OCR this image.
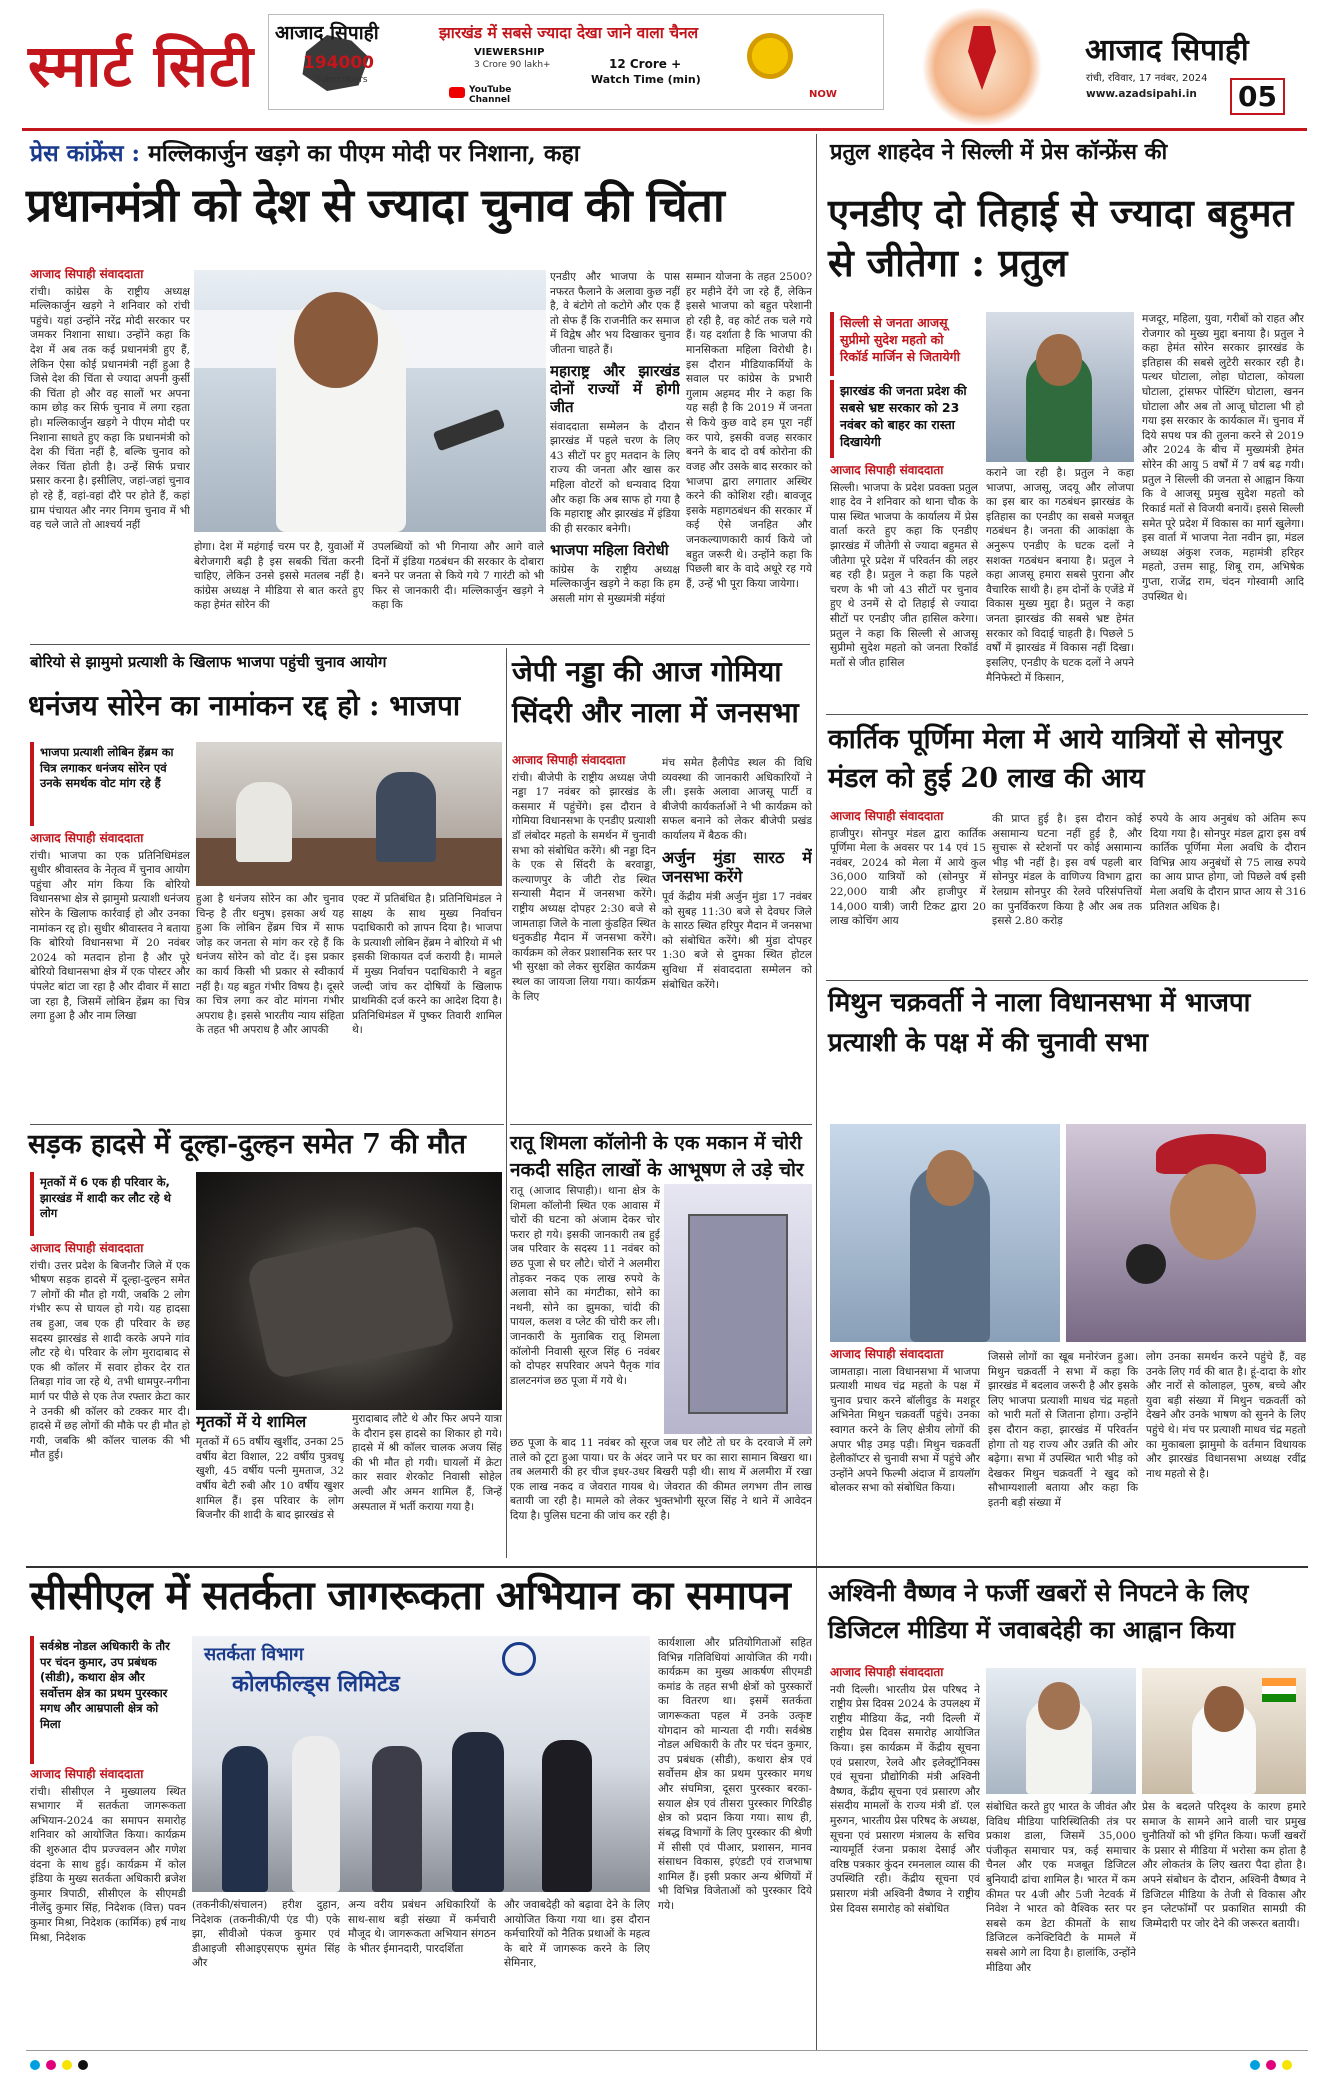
स्मार्ट सिटी आजाद सिपाही
194000
Subscribers
झारखंड में सबसे ज्यादा देखा जाने वाला चैनल
VIEWERSHIP
3 Crore 90 lakh+
YouTube Channel
12 Crore +
Watch Time (min)
NOW
आजाद सिपाही
रांची, रविवार, 17 नवंबर, 2024
www.azadsipahi.in 05
प्रेस कांफ्रेंस : मल्लिकार्जुन खड़गे का पीएम मोदी पर निशाना, कहा
प्रधानमंत्री को देश से ज्यादा चुनाव की चिंता
आजाद सिपाही संवाददाता
रांची। कांग्रेस के राष्ट्रीय अध्यक्ष मल्लिकार्जुन खड़गे ने शनिवार को रांची पहुंचे। यहां उन्होंने नरेंद्र मोदी सरकार पर जमकर निशाना साधा। उन्होंने कहा कि देश में अब तक कई प्रधानमंत्री हुए हैं, लेकिन ऐसा कोई प्रधानमंत्री नहीं हुआ है जिसे देश की चिंता से ज्यादा अपनी कुर्सी की चिंता हो और वह सालों भर अपना काम छोड़ कर सिर्फ चुनाव में लगा रहता हो। मल्लिकार्जुन खड़गे ने पीएम मोदी पर निशाना साधते हुए कहा कि प्रधानमंत्री को देश की चिंता नहीं है, बल्कि चुनाव को लेकर चिंता होती है। उन्हें सिर्फ प्रचार प्रसार करना है। इसीलिए, जहां-जहां चुनाव हो रहे हैं, वहां-वहां दौरे पर होते हैं, कहां ग्राम पंचायत और नगर निगम चुनाव में भी वह चले जाते तो आश्चर्य नहीं
होगा। देश में महंगाई चरम पर है, युवाओं में बेरोजगारी बढ़ी है इस सबकी चिंता करनी चाहिए, लेकिन उनसे इससे मतलब नहीं है। कांग्रेस अध्यक्ष ने मीडिया से बात करते हुए कहा हेमंत सोरेन की
उपलब्धियों को भी गिनाया और आगे वाले दिनों में इंडिया गठबंधन की सरकार के दोबारा बनने पर जनता से किये गये 7 गारंटी को भी फिर से जानकारी दी। मल्लिकार्जुन खड़गे ने कहा कि
एनडीए और भाजपा के पास नफरत फैलाने के अलावा कुछ नहीं है, वे बंटोगे तो कटोगे और एक हैं तो सेफ हैं कि राजनीति कर समाज में विद्वेष और भय दिखाकर चुनाव जीतना चाहते हैं।
महाराष्ट्र और झारखंड दोनों राज्यों में होगी जीत
संवाददाता सम्मेलन के दौरान झारखंड में पहले चरण के लिए 43 सीटों पर हुए मतदान के लिए राज्य की जनता और खास कर महिला वोटरों को धन्यवाद दिया और कहा कि अब साफ हो गया है कि महाराष्ट्र और झारखंड में इंडिया की ही सरकार बनेगी।
भाजपा महिला विरोधी
कांग्रेस के राष्ट्रीय अध्यक्ष मल्लिकार्जुन खड़गे ने कहा कि हम असली मांग से मुख्यमंत्री मंईयां
सम्मान योजना के तहत 2500? हर महीने देंगे जा रहे हैं, लेकिन इससे भाजपा को बहुत परेशानी हो रही है, वह कोर्ट तक चले गये हैं। यह दर्शाता है कि भाजपा की मानसिकता महिला विरोधी है। इस दौरान मीडियाकर्मियों के सवाल पर कांग्रेस के प्रभारी गुलाम अहमद मीर ने कहा कि यह सही है कि 2019 में जनता से किये कुछ वादे हम पूरा नहीं कर पाये, इसकी वजह सरकार बनने के बाद दो वर्ष कोरोना की वजह और उसके बाद सरकार को भाजपा द्वारा लगातार अस्थिर करने की कोशिश रही। बावजूद इसके महागठबंधन की सरकार में कई ऐसे जनहित और जनकल्याणकारी कार्य किये जो बहुत जरूरी थे। उन्होंने कहा कि पिछली बार के वादे अधूरे रह गये हैं, उन्हें भी पूरा किया जायेगा।
प्रतुल शाहदेव ने सिल्ली में प्रेस कॉन्फ्रेंस की
एनडीए दो तिहाई से ज्यादा बहुमत से जीतेगा : प्रतुल

सिल्ली से जनता आजसू सुप्रीमो सुदेश महतो को रिकॉर्ड मार्जिन से जितायेगी

झारखंड की जनता प्रदेश की सबसे भ्रष्ट सरकार को 23 नवंबर को बाहर का रास्ता दिखायेगी

आजाद सिपाही संवाददाता
सिल्ली। भाजपा के प्रदेश प्रवक्ता प्रतुल शाह देव ने शनिवार को थाना चौक के पास स्थित भाजपा के कार्यालय में प्रेस वार्ता करते हुए कहा कि एनडीए झारखंड में जीतेगी से ज्यादा बहुमत से जीतेगा पूरे प्रदेश में परिवर्तन की लहर बह रही है। प्रतुल ने कहा कि पहले चरण के भी जो 43 सीटों पर चुनाव हुए थे उनमें से दो तिहाई से ज्यादा सीटों पर एनडीए जीत हासिल करेगा। प्रतुल ने कहा कि सिल्ली से आजसू सुप्रीमो सुदेश महतो को जनता रिकॉर्ड मतों से जीत हासिल
कराने जा रही है। प्रतुल ने कहा भाजपा, आजसू, जदयू और लोजपा का इस बार का गठबंधन झारखंड के इतिहास का एनडीए का सबसे मजबूत गठबंधन है। जनता की आकांक्षा के अनुरूप एनडीए के घटक दलों ने सशक्त गठबंधन बनाया है। प्रतुल ने कहा आजसू हमारा सबसे पुराना और वैचारिक साथी है। हम दोनों के एजेंडे में विकास मुख्य मुद्दा है। प्रतुल ने कहा जनता झारखंड की सबसे भ्रष्ट हेमंत सरकार को विदाई चाहती है। पिछले 5 वर्षों में झारखंड में विकास नहीं दिखा। इसलिए, एनडीए के घटक दलों ने अपने मैनिफेस्टो में किसान,
मजदूर, महिला, युवा, गरीबों को राहत और रोजगार को मुख्य मुद्दा बनाया है। प्रतुल ने कहा हेमंत सोरेन सरकार झारखंड के इतिहास की सबसे लुटेरी सरकार रही है। पत्थर घोटाला, लोहा घोटाला, कोयला घोटाला, ट्रांसफर पोस्टिंग घोटाला, खनन घोटाला और अब तो आजू घोटाला भी हो गया इस सरकार के कार्यकाल में। चुनाव में दिये सपथ पत्र की तुलना करने से 2019 और 2024 के बीच में मुख्यमंत्री हेमंत सोरेन की आयु 5 वर्षों में 7 वर्ष बढ़ गयी। प्रतुल ने सिल्ली की जनता से आह्वान किया कि वे आजसू प्रमुख सुदेश महतो को रिकार्ड मतों से विजयी बनायें। इससे सिल्ली समेत पूरे प्रदेश में विकास का मार्ग खुलेगा। इस वार्ता में भाजपा नेता नवीन झा, मंडल अध्यक्ष अंकुश रजक, महामंत्री हरिहर महतो, उत्तम साहू, शिबू राम, अभिषेक गुप्ता, राजेंद्र राम, चंदन गोस्वामी आदि उपस्थित थे।
बोरियो से झामुमो प्रत्याशी के खिलाफ भाजपा पहुंची चुनाव आयोग
धनंजय सोरेन का नामांकन रद्द हो : भाजपा

भाजपा प्रत्याशी लोबिन हेंब्रम का चित्र लगाकर धनंजय सोरेन एवं उनके समर्थक वोट मांग रहे हैं

आजाद सिपाही संवाददाता
रांची। भाजपा का एक प्रतिनिधिमंडल सुधीर श्रीवास्तव के नेतृत्व में चुनाव आयोग पहुंचा और मांग किया कि बोरियो विधानसभा क्षेत्र से झामुमो प्रत्याशी धनंजय सोरेन के खिलाफ कार्रवाई हो और उनका नामांकन रद्द हो। सुधीर श्रीवास्तव ने बताया कि बोरियो विधानसभा में 20 नवंबर 2024 को मतदान होना है और पूरे बोरियो विधानसभा क्षेत्र में एक पोस्टर और पंपलेट बांटा जा रहा है और दीवार में साटा जा रहा है, जिसमें लोबिन हेंब्रम का चित्र लगा हुआ है और नाम लिखा
हुआ है धनंजय सोरेन का और चुनाव चिन्ह है तीर धनुष। इसका अर्थ यह हुआ कि लोबिन हेंब्रम चित्र में साफ जोड़ कर जनता से मांग कर रहे हैं कि धनंजय सोरेन को वोट दें। इस प्रकार का कार्य किसी भी प्रकार से स्वीकार्य नहीं है। यह बहुत गंभीर विषय है। दूसरे का चित्र लगा कर वोट मांगना गंभीर अपराध है। इससे भारतीय न्याय संहिता के तहत भी अपराध है और आपकी
एक्ट में प्रतिबंधित है। प्रतिनिधिमंडल ने साक्ष्य के साथ मुख्य निर्वाचन पदाधिकारी को ज्ञापन दिया है। भाजपा के प्रत्याशी लोबिन हेंब्रम ने बोरियो में भी इसकी शिकायत दर्ज करायी है। मामले में मुख्य निर्वाचन पदाधिकारी ने बहुत जल्दी जांच कर दोषियों के खिलाफ प्राथमिकी दर्ज करने का आदेश दिया है। प्रतिनिधिमंडल में पुष्कर तिवारी शामिल थे।
जेपी नड्डा की आज गोमिया सिंदरी और नाला में जनसभा
आजाद सिपाही संवाददाता
रांची। बीजेपी के राष्ट्रीय अध्यक्ष जेपी नड्डा 17 नवंबर को झारखंड के कसमार में पहुंचेंगे। इस दौरान वे गोमिया विधानसभा के एनडीए प्रत्याशी डॉ लंबोदर महतो के समर्थन में चुनावी सभा को संबोधित करेंगे। श्री नड्डा दिन के एक से सिंदरी के बरवाड्डा, कल्याणपुर के जीटी रोड स्थित सन्यासी मैदान में जनसभा करेंगे। राष्ट्रीय अध्यक्ष दोपहर 2:30 बजे से जामताड़ा जिले के नाला कुंडहित स्थित धनुकडीह मैदान में जनसभा करेंगे। कार्यक्रम को लेकर प्रशासनिक स्तर पर भी सुरक्षा को लेकर सुरक्षित कार्यक्रम स्थल का जायजा लिया गया। कार्यक्रम के लिए
मंच समेत हैलीपेड स्थल की विधि व्यवस्था की जानकारी अधिकारियों ने ली। इसके अलावा आजसू पार्टी व बीजेपी कार्यकर्ताओं ने भी कार्यक्रम को सफल बनाने को लेकर बीजेपी प्रखंड कार्यालय में बैठक की।
अर्जुन मुंडा सारठ में जनसभा करेंगे
पूर्व केंद्रीय मंत्री अर्जुन मुंडा 17 नवंबर को सुबह 11:30 बजे से देवघर जिले के सारठ स्थित हरिपुर मैदान में जनसभा को संबोधित करेंगे। श्री मुंडा दोपहर 1:30 बजे से दुमका स्थित होटल सुविधा में संवाददाता सम्मेलन को संबोधित करेंगे।
सड़क हादसे में दूल्हा-दुल्हन समेत 7 की मौत

मृतकों में 6 एक ही परिवार के, झारखंड में शादी कर लौट रहे थे लोग

आजाद सिपाही संवाददाता
रांची। उत्तर प्रदेश के बिजनौर जिले में एक भीषण सड़क हादसे में दूल्हा-दुल्हन समेत 7 लोगों की मौत हो गयी, जबकि 2 लोग गंभीर रूप से घायल हो गये। यह हादसा तब हुआ, जब एक ही परिवार के छह सदस्य झारखंड से शादी करके अपने गांव लौट रहे थे। परिवार के लोग मुरादाबाद से एक श्री कॉलर में सवार होकर देर रात तिबड़ा गांव जा रहे थे, तभी धामपुर-नगीना मार्ग पर पीछे से एक तेज रफ्तार क्रेटा कार ने उनकी श्री कॉलर को टक्कर मार दी। हादसे में छह लोगों की मौके पर ही मौत हो गयी, जबकि श्री कॉलर चालक की भी मौत हुई।
मृतकों में ये शामिल
मृतकों में 65 वर्षीय खुर्शीद, उनका 25 वर्षीय बेटा विशाल, 22 वर्षीय पुत्रवधू खुशी, 45 वर्षीय पत्नी मुमताज, 32 वर्षीय बेटी रुबी और 10 वर्षीय खुशर शामिल हैं। इस परिवार के लोग बिजनौर की शादी के बाद झारखंड से
मुरादाबाद लौटे थे और फिर अपने यात्रा के दौरान इस हादसे का शिकार हो गये। हादसे में श्री कॉलर चालक अजय सिंह की भी मौत हो गयी। घायलों में क्रेटा कार सवार शेरकोट निवासी सोहेल अल्वी और अमन शामिल हैं, जिन्हें अस्पताल में भर्ती कराया गया है।
रातू शिमला कॉलोनी के एक मकान में चोरी नकदी सहित लाखों के आभूषण ले उड़े चोर
रातू (आजाद सिपाही)। थाना क्षेत्र के शिमला कॉलोनी स्थित एक आवास में चोरों की घटना को अंजाम देकर चोर फरार हो गये। इसकी जानकारी तब हुई जब परिवार के सदस्य 11 नवंबर को छठ पूजा से घर लौटे। चोरों ने अलमीरा तोड़कर नकद एक लाख रुपये के अलावा सोने का मंगटीका, सोने का नथनी, सोने का झुमका, चांदी की पायल, कलश व प्लेट की चोरी कर ली। जानकारी के मुताबिक रातू शिमला कॉलोनी निवासी सूरज सिंह 6 नवंबर को दोपहर सपरिवार अपने पैतृक गांव डालटनगंज छठ पूजा में गये थे।
छठ पूजा के बाद 11 नवंबर को सूरज जब घर लौटे तो घर के दरवाजे में लगे ताले को टूटा हुआ पाया। घर के अंदर जाने पर घर का सारा सामान बिखरा था। तब अलमारी की हर चीज इधर-उधर बिखरी पड़ी थी। साथ में अलमीरा में रखा एक लाख नकद व जेवरात गायब थे। जेवरात की कीमत लगभग तीन लाख बतायी जा रही है। मामले को लेकर भुक्तभोगी सूरज सिंह ने थाने में आवेदन दिया है। पुलिस घटना की जांच कर रही है।
कार्तिक पूर्णिमा मेला में आये यात्रियों से सोनपुर मंडल को हुई 20 लाख की आय
आजाद सिपाही संवाददाता
हाजीपुर। सोनपुर मंडल द्वारा कार्तिक पूर्णिमा मेला के अवसर पर 14 एवं 15 नवंबर, 2024 को मेला में आये कुल 36,000 यात्रियों को (सोनपुर में 22,000 यात्री और हाजीपुर में 14,000 यात्री) जारी टिकट द्वारा 20 लाख कोचिंग आय
की प्राप्त हुई है। इस दौरान कोई असामान्य घटना नहीं हुई है, और सुचारू से स्टेशनों पर कोई असामान्य भीड़ भी नहीं है। इस वर्ष पहली बार सोनपुर मंडल के वाणिज्य विभाग द्वारा रेलग्राम सोनपुर की रेलवे परिसंपत्तियों का पुनर्विकरण किया है और अब तक इससे 2.80 करोड़
रुपये के आय अनुबंध को अंतिम रूप दिया गया है। सोनपुर मंडल द्वारा इस वर्ष कार्तिक पूर्णिमा मेला अवधि के दौरान विभिन्न आय अनुबंधों से 75 लाख रुपये का आय प्राप्त होगा, जो पिछले वर्ष इसी मेला अवधि के दौरान प्राप्त आय से 316 प्रतिशत अधिक है।
मिथुन चक्रवर्ती ने नाला विधानसभा में भाजपा प्रत्याशी के पक्ष में की चुनावी सभा
आजाद सिपाही संवाददाता
जामताड़ा। नाला विधानसभा में भाजपा प्रत्याशी माधव चंद्र महतो के पक्ष में चुनाव प्रचार करने बॉलीवुड के मशहूर अभिनेता मिथुन चक्रवर्ती पहुंचे। उनका स्वागत करने के लिए क्षेत्रीय लोगों की अपार भीड़ उमड़ पड़ी। मिथुन चक्रवर्ती हेलीकॉप्टर से चुनावी सभा में पहुंचे और उन्होंने अपने फिल्मी अंदाज में डायलॉग बोलकर सभा को संबोधित किया।
जिससे लोगों का खूब मनोरंजन हुआ। मिथुन चक्रवर्ती ने सभा में कहा कि झारखंड में बदलाव जरूरी है और इसके लिए भाजपा प्रत्याशी माधव चंद्र महतो को भारी मतों से जिताना होगा। उन्होंने इस दौरान कहा, झारखंड में परिवर्तन होगा तो यह राज्य और उन्नति की ओर बढ़ेगा। सभा में उपस्थित भारी भीड़ को देखकर मिथुन चक्रवर्ती ने खुद को सौभाग्यशाली बताया और कहा कि इतनी बड़ी संख्या में
लोग उनका समर्थन करने पहुंचे हैं, वह उनके लिए गर्व की बात है। हूं-दादा के शोर और नारों से कोलाहल, पुरुष, बच्चे और युवा बड़ी संख्या में मिथुन चक्रवर्ती को देखने और उनके भाषण को सुनने के लिए पहुंचे थे। मंच पर प्रत्याशी माधव चंद्र महतो का मुकाबला झामुमो के वर्तमान विधायक और झारखंड विधानसभा अध्यक्ष रवींद्र नाथ महतो से है।
सीसीएल में सतर्कता जागरूकता अभियान का समापन

सर्वश्रेष्ठ नोडल अधिकारी के तौर पर चंदन कुमार, उप प्रबंधक (सीडी), कथारा क्षेत्र और सर्वोत्तम क्षेत्र का प्रथम पुरस्कार मगध और आम्रपाली क्षेत्र को मिला

आजाद सिपाही संवाददाता
रांची। सीसीएल ने मुख्यालय स्थित सभागार में सतर्कता जागरूकता अभियान-2024 का समापन समारोह शनिवार को आयोजित किया। कार्यक्रम की शुरुआत दीप प्रज्ज्वलन और गणेश वंदना के साथ हुई। कार्यक्रम में कोल इंडिया के मुख्य सतर्कता अधिकारी ब्रजेश कुमार त्रिपाठी, सीसीएल के सीएमडी नीलेंदु कुमार सिंह, निदेशक (वित्त) पवन कुमार मिश्रा, निदेशक (कार्मिक) हर्ष नाथ मिश्रा, निदेशक
सतर्कता विभाग
कोलफील्ड्स लिमिटेड
(तकनीकी/संचालन) हरीश दुहान, निदेशक (तकनीकी/पी एंड पी) एके झा, सीवीओ पंकज कुमार एवं डीआइजी सीआइएसएफ सुमंत सिंह और
अन्य वरीय प्रबंधन अधिकारियों के साथ-साथ बड़ी संख्या में कर्मचारी मौजूद थे। जागरूकता अभियान संगठन के भीतर ईमानदारी, पारदर्शिता
और जवाबदेही को बढ़ावा देने के लिए आयोजित किया गया था। इस दौरान कर्मचारियों को नैतिक प्रथाओं के महत्व के बारे में जागरूक करने के लिए सेमिनार,
कार्यशाला और प्रतियोगिताओं सहित विभिन्न गतिविधियां आयोजित की गयी। कार्यक्रम का मुख्य आकर्षण सीएमडी कमांड के तहत सभी क्षेत्रों को पुरस्कारों का वितरण था। इसमें सतर्कता जागरूकता पहल में उनके उत्कृष्ट योगदान को मान्यता दी गयी। सर्वश्रेष्ठ नोडल अधिकारी के तौर पर चंदन कुमार, उप प्रबंधक (सीडी), कथारा क्षेत्र एवं सर्वोत्तम क्षेत्र का प्रथम पुरस्कार मगध और संघमित्रा, दूसरा पुरस्कार बरका-सयाल क्षेत्र एवं तीसरा पुरस्कार गिरिडीह क्षेत्र को प्रदान किया गया। साथ ही, संबद्ध विभागों के लिए पुरस्कार की श्रेणी में सीसी एवं पीआर, प्रशासन, मानव संसाधन विकास, इएंडटी एवं राजभाषा शामिल हैं। इसी प्रकार अन्य श्रेणियों में भी विभिन्न विजेताओं को पुरस्कार दिये गये।
अश्विनी वैष्णव ने फर्जी खबरों से निपटने के लिए डिजिटल मीडिया में जवाबदेही का आह्वान किया
आजाद सिपाही संवाददाता
नयी दिल्ली। भारतीय प्रेस परिषद ने राष्ट्रीय प्रेस दिवस 2024 के उपलक्ष्य में राष्ट्रीय मीडिया केंद्र, नयी दिल्ली में राष्ट्रीय प्रेस दिवस समारोह आयोजित किया। इस कार्यक्रम में केंद्रीय सूचना एवं प्रसारण, रेलवे और इलेक्ट्रॉनिक्स एवं सूचना प्रौद्योगिकी मंत्री अश्विनी वैष्णव, केंद्रीय सूचना एवं प्रसारण और संसदीय मामलों के राज्य मंत्री डॉ. एल मुरुगन, भारतीय प्रेस परिषद के अध्यक्ष, सूचना एवं प्रसारण मंत्रालय के सचिव न्यायमूर्ति रंजना प्रकाश देसाई और वरिष्ठ पत्रकार कुंदन रमनलाल व्यास की उपस्थिति रही। केंद्रीय सूचना एवं प्रसारण मंत्री अश्विनी वैष्णव ने राष्ट्रीय प्रेस दिवस समारोह को संबोधित
संबोधित करते हुए भारत के जीवंत और विविध मीडिया पारिस्थितिकी तंत्र पर प्रकाश डाला, जिसमें 35,000 पंजीकृत समाचार पत्र, कई समाचार चैनल और एक मजबूत डिजिटल बुनियादी ढांचा शामिल है। भारत में कम कीमत पर 4जी और 5जी नेटवर्क में निवेश ने भारत को वैश्विक स्तर पर सबसे कम डेटा कीमतों के साथ डिजिटल कनेक्टिविटी के मामले में सबसे आगे ला दिया है। हालांकि, उन्होंने मीडिया और
प्रेस के बदलते परिदृश्य के कारण हमारे समाज के सामने आने वाली चार प्रमुख चुनौतियों को भी इंगित किया। फर्जी खबरों के प्रसार से मीडिया में भरोसा कम होता है और लोकतंत्र के लिए खतरा पैदा होता है। अपने संबोधन के दौरान, अश्विनी वैष्णव ने डिजिटल मीडिया के तेजी से विकास और इन प्लेटफॉर्मों पर प्रकाशित सामग्री की जिम्मेदारी पर जोर देने की जरूरत बतायी।
